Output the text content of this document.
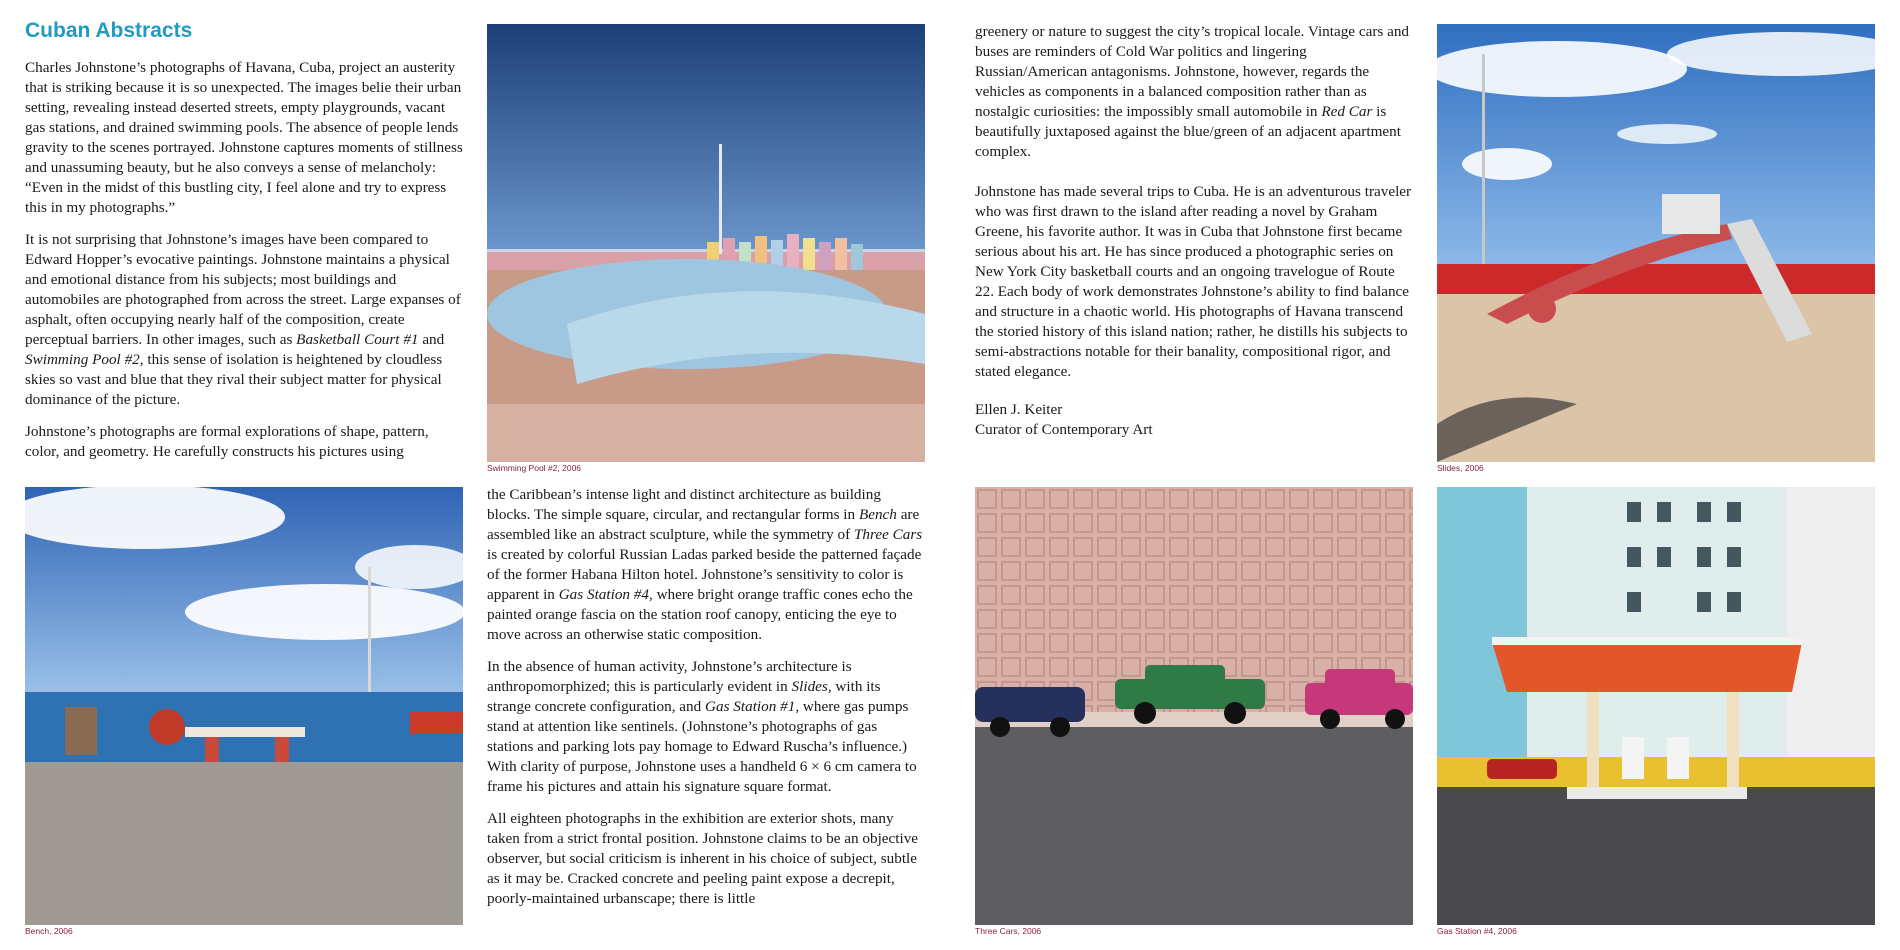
Cuban Abstracts

Charles Johnstone’s photographs of Havana, Cuba, project an austerity that is striking because it is so unexpected. The images belie their urban setting, revealing instead deserted streets, empty playgrounds, vacant gas stations, and drained swimming pools. The absence of people lends gravity to the scenes portrayed. Johnstone captures moments of stillness and unassuming beauty, but he also conveys a sense of melancholy: “Even in the midst of this bustling city, I feel alone and try to express this in my photographs.”

It is not surprising that Johnstone’s images have been compared to Edward Hopper’s evocative paintings. Johnstone maintains a physical and emotional distance from his subjects; most buildings and automobiles are photographed from across the street. Large expanses of asphalt, often occupying nearly half of the composition, create perceptual barriers. In other images, such as Basketball Court #1 and Swimming Pool #2, this sense of isolation is heightened by cloudless skies so vast and blue that they rival their subject matter for physical dominance of the picture.

Johnstone’s photographs are formal explorations of shape, pattern, color, and geometry. He carefully constructs his pictures using

Swimming Pool #2, 2006

greenery or nature to suggest the city’s tropical locale. Vintage cars and buses are reminders of Cold War politics and lingering Russian/American antagonisms. Johnstone, however, regards the vehicles as components in a balanced composition rather than as nostalgic curiosities: the impossibly small automobile in Red Car is beautifully juxtaposed against the blue/green of an adjacent apartment complex.

Johnstone has made several trips to Cuba. He is an adventurous traveler who was first drawn to the island after reading a novel by Graham Greene, his favorite author. It was in Cuba that Johnstone first became serious about his art. He has since produced a photographic series on New York City basketball courts and an ongoing travelogue of Route 22. Each body of work demonstrates Johnstone’s ability to find balance and structure in a chaotic world. His photographs of Havana transcend the storied history of this island nation; rather, he distills his subjects to semi-abstractions notable for their banality, compositional rigor, and stated elegance.

Ellen J. Keiter

Curator of Contemporary Art

Slides, 2006
Bench, 2006

the Caribbean’s intense light and distinct architecture as building blocks. The simple square, circular, and rectangular forms in Bench are assembled like an abstract sculpture, while the symmetry of Three Cars is created by colorful Russian Ladas parked beside the patterned façade of the former Habana Hilton hotel. Johnstone’s sensitivity to color is apparent in Gas Station #4, where bright orange traffic cones echo the painted orange fascia on the station roof canopy, enticing the eye to move across an otherwise static composition.

In the absence of human activity, Johnstone’s architecture is anthropomorphized; this is particularly evident in Slides, with its strange concrete configuration, and Gas Station #1, where gas pumps stand at attention like sentinels. (Johnstone’s photographs of gas stations and parking lots pay homage to Edward Ruscha’s influence.) With clarity of purpose, Johnstone uses a handheld 6 × 6 cm camera to frame his pictures and attain his signature square format.

All eighteen photographs in the exhibition are exterior shots, many taken from a strict frontal position. Johnstone claims to be an objective observer, but social criticism is inherent in his choice of subject, subtle as it may be. Cracked concrete and peeling paint expose a decrepit, poorly-maintained urbanscape; there is little

Three Cars, 2006	Gas Station #4, 2006
